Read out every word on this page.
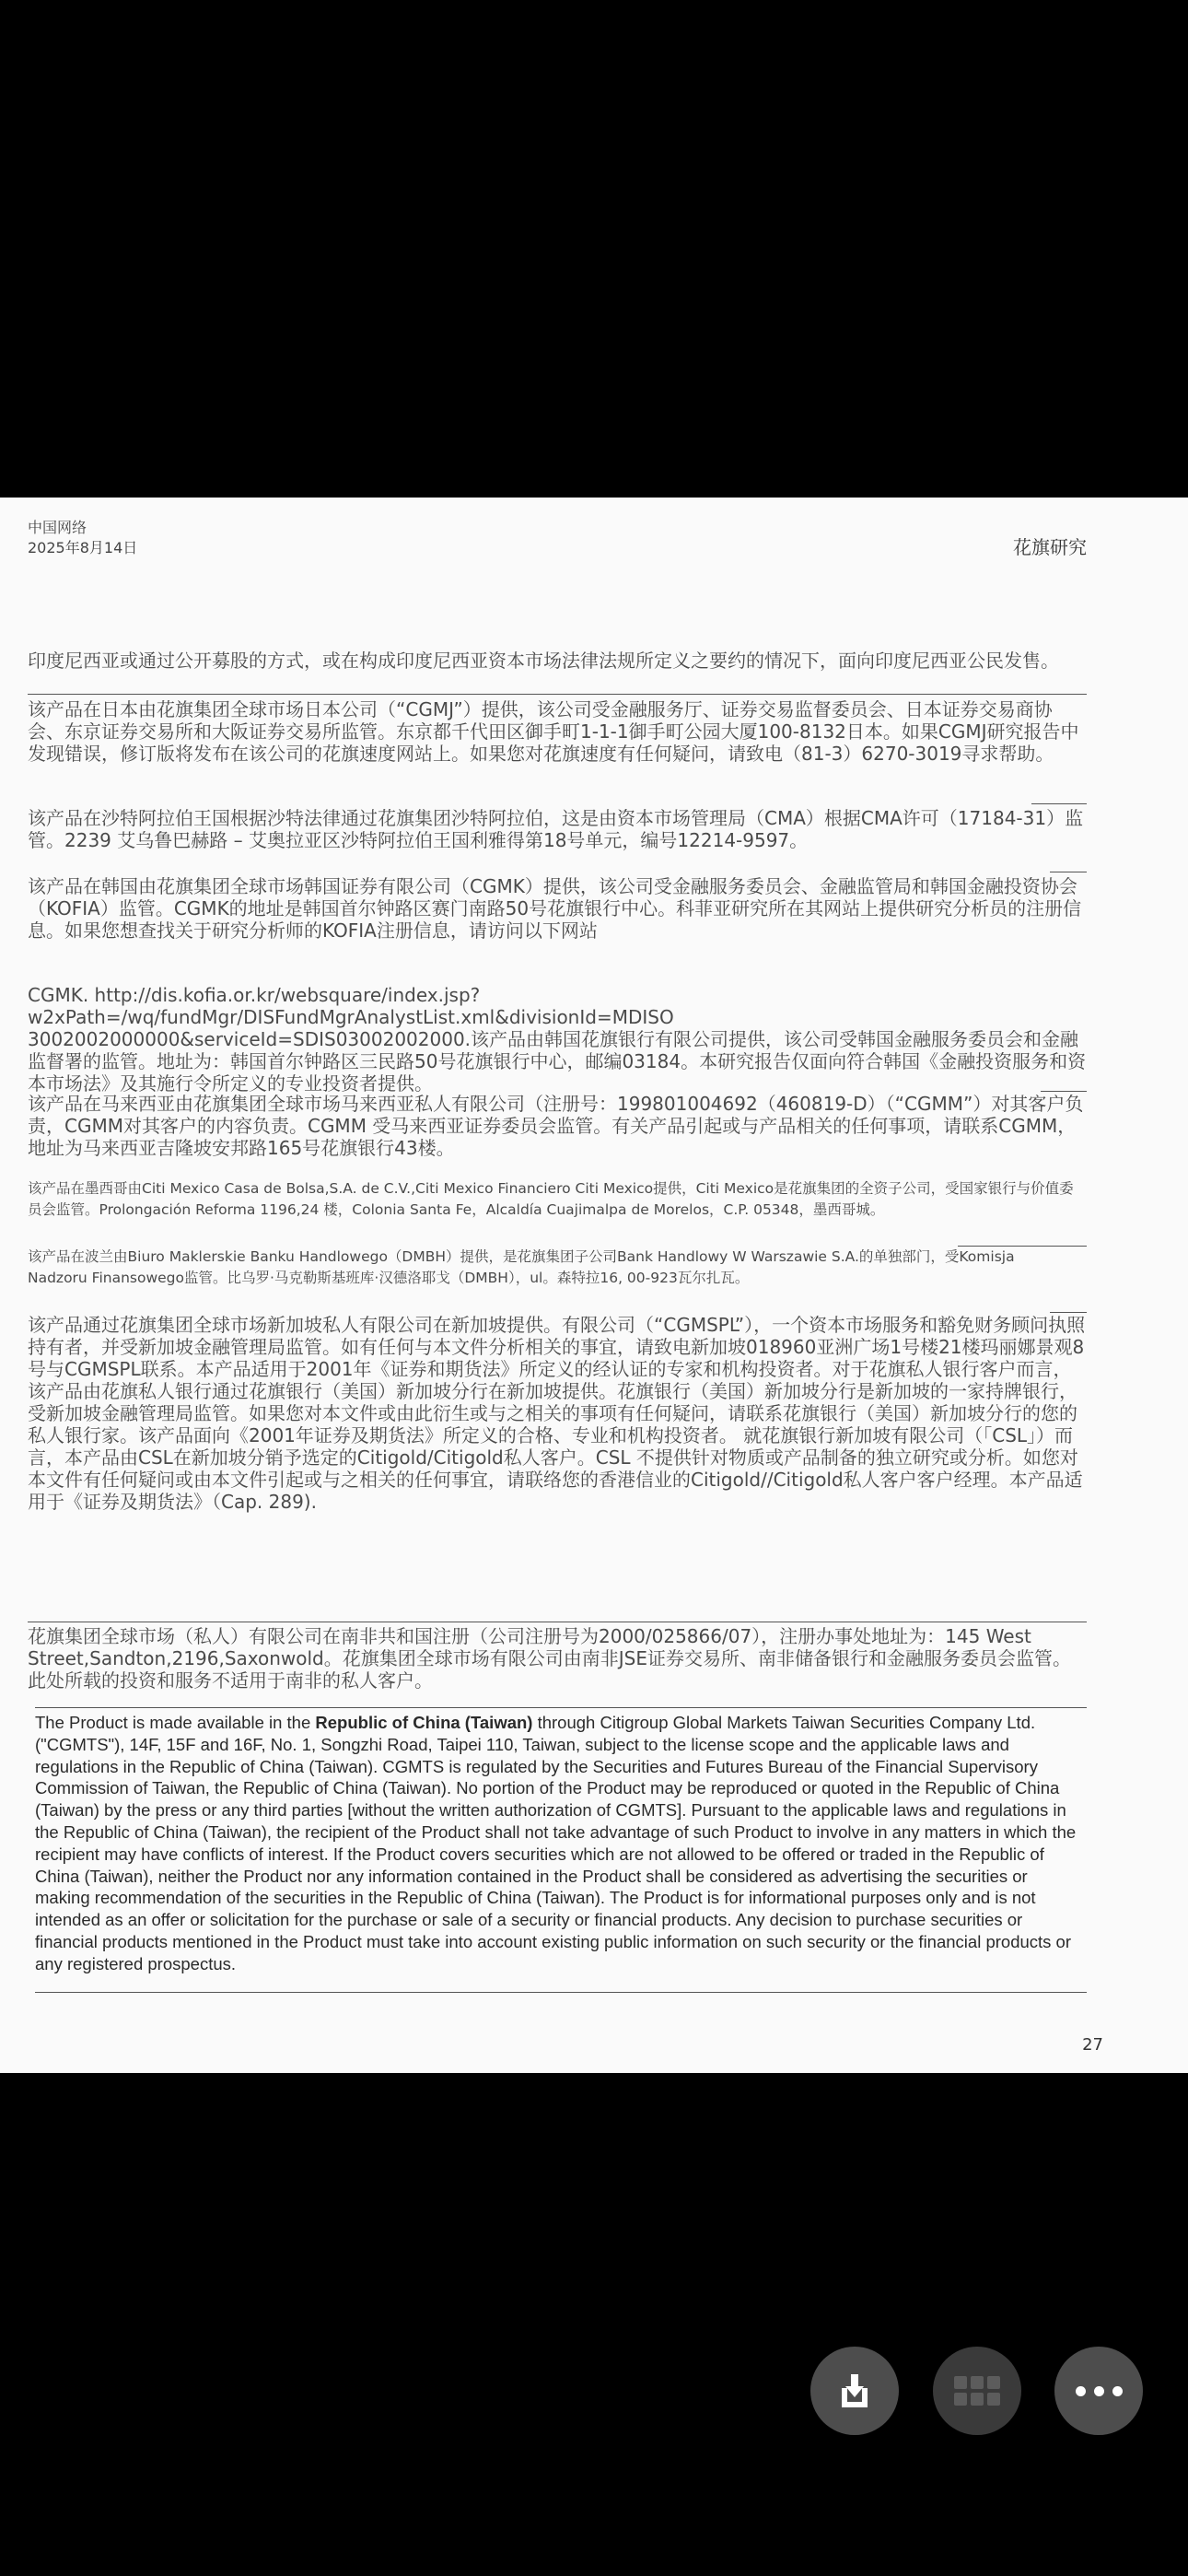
中国网络
2025年8月14日	花旗研究
印度尼西亚或通过公开募股的方式，或在构成印度尼西亚资本市场法律法规所定义之要约的情况下，面向印度尼西亚公民发售。
该产品在日本由花旗集团全球市场日本公司（“CGMJ”）提供，该公司受金融服务厅、证券交易监督委员会、日本证券交易商协会、东京证券交易所和大阪证券交易所监管。东京都千代田区御手町1-1-1御手町公园大厦100-8132日本。如果CGMJ研究报告中发现错误，修订版将发布在该公司的花旗速度网站上。如果您对花旗速度有任何疑问，请致电（81-3）6270-3019寻求帮助。
该产品在沙特阿拉伯王国根据沙特法律通过花旗集团沙特阿拉伯，这是由资本市场管理局（CMA）根据CMA许可（17184-31）监管。2239 艾乌鲁巴赫路 – 艾奥拉亚区沙特阿拉伯王国利雅得第18号单元，编号12214-9597。
该产品在韩国由花旗集团全球市场韩国证券有限公司（CGMK）提供，该公司受金融服务委员会、金融监管局和韩国金融投资协会（KOFIA）监管。CGMK的地址是韩国首尔钟路区赛门南路50号花旗银行中心。科菲亚研究所在其网站上提供研究分析员的注册信息。如果您想查找关于研究分析师的KOFIA注册信息，请访问以下网站
CGMK. http://dis.kofia.or.kr/websquare/index.jsp? w2xPath=/wq/fundMgr/DISFundMgrAnalystList.xml&divisionId=MDISO 3002002000000&serviceId=SDIS03002002000.该产品由韩国花旗银行有限公司提供，该公司受韩国金融服务委员会和金融监督署的监管。地址为：韩国首尔钟路区三民路50号花旗银行中心，邮编03184。本研究报告仅面向符合韩国《金融投资服务和资本市场法》及其施行令所定义的专业投资者提供。
该产品在马来西亚由花旗集团全球市场马来西亚私人有限公司（注册号：199801004692（460819-D）（“CGMM”）对其客户负责，CGMM对其客户的内容负责。CGMM 受马来西亚证券委员会监管。有关产品引起或与产品相关的任何事项，请联系CGMM，地址为马来西亚吉隆坡安邦路165号花旗银行43楼。
该产品在墨西哥由Citi Mexico Casa de Bolsa,S.A. de C.V.,Citi Mexico Financiero Citi Mexico提供，Citi Mexico是花旗集团的全资子公司，受国家银行与价值委员会监管。Prolongación Reforma 1196,24 楼，Colonia Santa Fe，Alcaldía Cuajimalpa de Morelos，C.P. 05348，墨西哥城。
该产品在波兰由Biuro Maklerskie Banku Handlowego（DMBH）提供，是花旗集团子公司Bank Handlowy W Warszawie S.A.的单独部门，受Komisja Nadzoru Finansowego监管。比乌罗·马克勒斯基班库·汉德洛耶戈（DMBH），ul。森特拉16, 00-923瓦尔扎瓦。
该产品通过花旗集团全球市场新加坡私人有限公司在新加坡提供。有限公司（“CGMSPL”），一个资本市场服务和豁免财务顾问执照持有者，并受新加坡金融管理局监管。如有任何与本文件分析相关的事宜，请致电新加坡018960亚洲广场1号楼21楼玛丽娜景观8号与CGMSPL联系。本产品适用于2001年《证券和期货法》所定义的经认证的专家和机构投资者。对于花旗私人银行客户而言，该产品由花旗私人银行通过花旗银行（美国）新加坡分行在新加坡提供。花旗银行（美国）新加坡分行是新加坡的一家持牌银行，受新加坡金融管理局监管。如果您对本文件或由此衍生或与之相关的事项有任何疑问，请联系花旗银行（美国）新加坡分行的您的私人银行家。该产品面向《2001年证券及期货法》所定义的合格、专业和机构投资者。 就花旗银行新加坡有限公司（「CSL」）而言，本产品由CSL在新加坡分销予选定的Citigold/Citigold私人客户。CSL 不提供针对物质或产品制备的独立研究或分析。如您对本文件有任何疑问或由本文件引起或与之相关的任何事宜，请联络您的香港信业的Citigold//Citigold私人客户客户经理。本产品适用于《证券及期货法》（Cap. 289).
花旗集团全球市场（私人）有限公司在南非共和国注册（公司注册号为2000/025866/07），注册办事处地址为：145 West Street,Sandton,2196,Saxonwold。花旗集团全球市场有限公司由南非JSE证券交易所、南非储备银行和金融服务委员会监管。此处所载的投资和服务不适用于南非的私人客户。
The Product is made available in the Republic of China (Taiwan) through Citigroup Global Markets Taiwan Securities Company Ltd. ("CGMTS"), 14F, 15F and 16F, No. 1, Songzhi Road, Taipei 110, Taiwan, subject to the license scope and the applicable laws and regulations in the Republic of China (Taiwan). CGMTS is regulated by the Securities and Futures Bureau of the Financial Supervisory Commission of Taiwan, the Republic of China (Taiwan). No portion of the Product may be reproduced or quoted in the Republic of China (Taiwan) by the press or any third parties [without the written authorization of CGMTS]. Pursuant to the applicable laws and regulations in the Republic of China (Taiwan), the recipient of the Product shall not take advantage of such Product to involve in any matters in which the recipient may have conflicts of interest. If the Product covers securities which are not allowed to be offered or traded in the Republic of China (Taiwan), neither the Product nor any information contained in the Product shall be considered as advertising the securities or making recommendation of the securities in the Republic of China (Taiwan). The Product is for informational purposes only and is not intended as an offer or solicitation for the purchase or sale of a security or financial products. Any decision to purchase securities or financial products mentioned in the Product must take into account existing public information on such security or the financial products or any registered prospectus.
27
